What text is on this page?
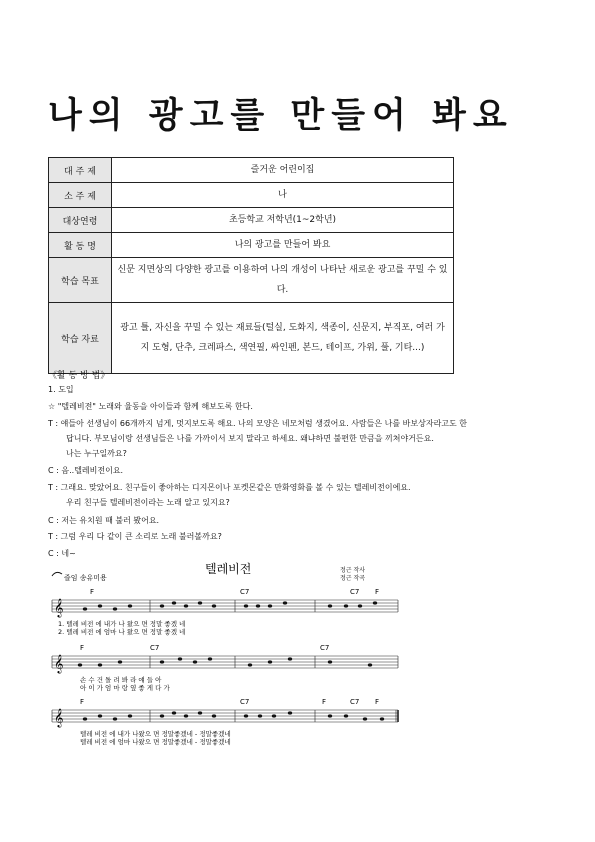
나의 광고를 만들어 봐요
대 주 제	즐거운 어린이집
소 주 제	나
대상연령	초등학교 저학년(1~2학년)
활 동 명	나의 광고를 만들어 봐요
학습 목표	신문 지면상의 다양한 광고를 이용하여 나의 개성이 나타난 새로운 광고를 꾸밀 수 있다.
학습 자료	광고 틀, 자신을 꾸밀 수 있는 재료들(털실, 도화지, 색종이, 신문지, 부직포, 여러 가지 도형, 단추, 크레파스, 색연필, 싸인펜, 본드, 테이프, 가위, 풀, 기타...)
《활 동 방 법》
1. 도입
☆ "텔레비전" 노래와 율동을 아이들과 함께 해보도록 한다.
T : 얘들아 선생님이 66개까지 넘게, 멋지보도록 해요. 나의 모양은 네모처럼 생겼어요. 사람들은 나를 바보상자라고도 한
답니다. 부모님이랑 선생님들은 나를 가까이서 보지 말라고 하세요. 왜냐하면 불편한 만큼을 끼쳐야거든요.
나는 누구일까요?
C : 음..텔레비전이요.
T : 그래요. 맞았어요. 친구들이 좋아하는 디지몬이나 포켓몬같은 만화영화를 볼 수 있는 텔레비전이에요.
우리 친구들 텔레비전이라는 노래 알고 있지요?
C : 저는 유치원 때 불러 봤어요.
T : 그럼 우리 다 같이 큰 소리로 노래 불러볼까요?
C : 네~
즐임 송유미용
텔레비전	정근 작사
정근 작곡
𝄞
F	C7	C7 F
1. 텔레 비전 에 내가 나 왔으 면 정말 좋겠 네
2. 텔레 비전 에 엄마 나 왔으 면 정말 좋겠 네
𝄞
F	C7	C7
손 수 건 돌 려 봐 라 얘 들 아
아 이 가 엄 마 랑 옆 좋 게 다 가
𝄞
F	C7	F	C7 F
텔레 비전 에 내가 나왔으 면 정말좋겠네 - 정말좋겠네
텔레 비전 에 엄마 나왔으 면 정말좋겠네 - 정말좋겠네
